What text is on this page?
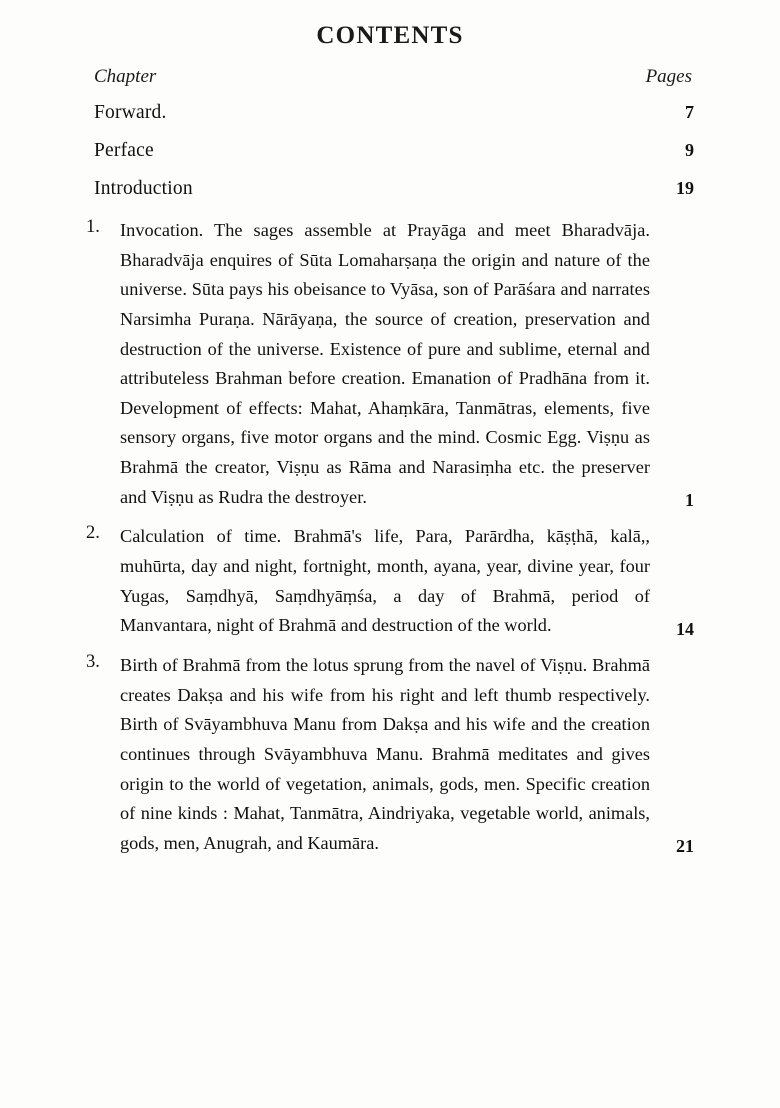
CONTENTS
Chapter	Pages
Forward.	7
Perface	9
Introduction	19
1.	Invocation. The sages assemble at Prayāga and meet Bharadvāja. Bharadvāja enquires of Sūta Lomaharṣaṇa the origin and nature of the universe. Sūta pays his obeisance to Vyāsa, son of Parāśara and narrates Narsimha Puraṇa. Nārāyaṇa, the source of creation, preservation and destruction of the universe. Existence of pure and sublime, eternal and attributeless Brahman before creation. Emanation of Pradhāna from it. Development of effects: Mahat, Ahaṃkāra, Tanmātras, elements, five sensory organs, five motor organs and the mind. Cosmic Egg. Viṣṇu as Brahmā the creator, Viṣṇu as Rāma and Narasiṃha etc. the preserver and Viṣṇu as Rudra the destroyer.	1
2.	Calculation of time. Brahmā's life, Para, Parārdha, kāṣṭhā, kalā,, muhūrta, day and night, fortnight, month, ayana, year, divine year, four Yugas, Saṃdhyā, Saṃdhyāṃśa, a day of Brahmā, period of Manvantara, night of Brahmā and destruction of the world.	14
3.	Birth of Brahmā from the lotus sprung from the navel of Viṣṇu. Brahmā creates Dakṣa and his wife from his right and left thumb respectively. Birth of Svāyambhuva Manu from Dakṣa and his wife and the creation continues through Svāyambhuva Manu. Brahmā meditates and gives origin to the world of vegetation, animals, gods, men. Specific creation of nine kinds : Mahat, Tanmātra, Aindriyaka, vegetable world, animals, gods, men, Anugrah, and Kaumāra.	21
